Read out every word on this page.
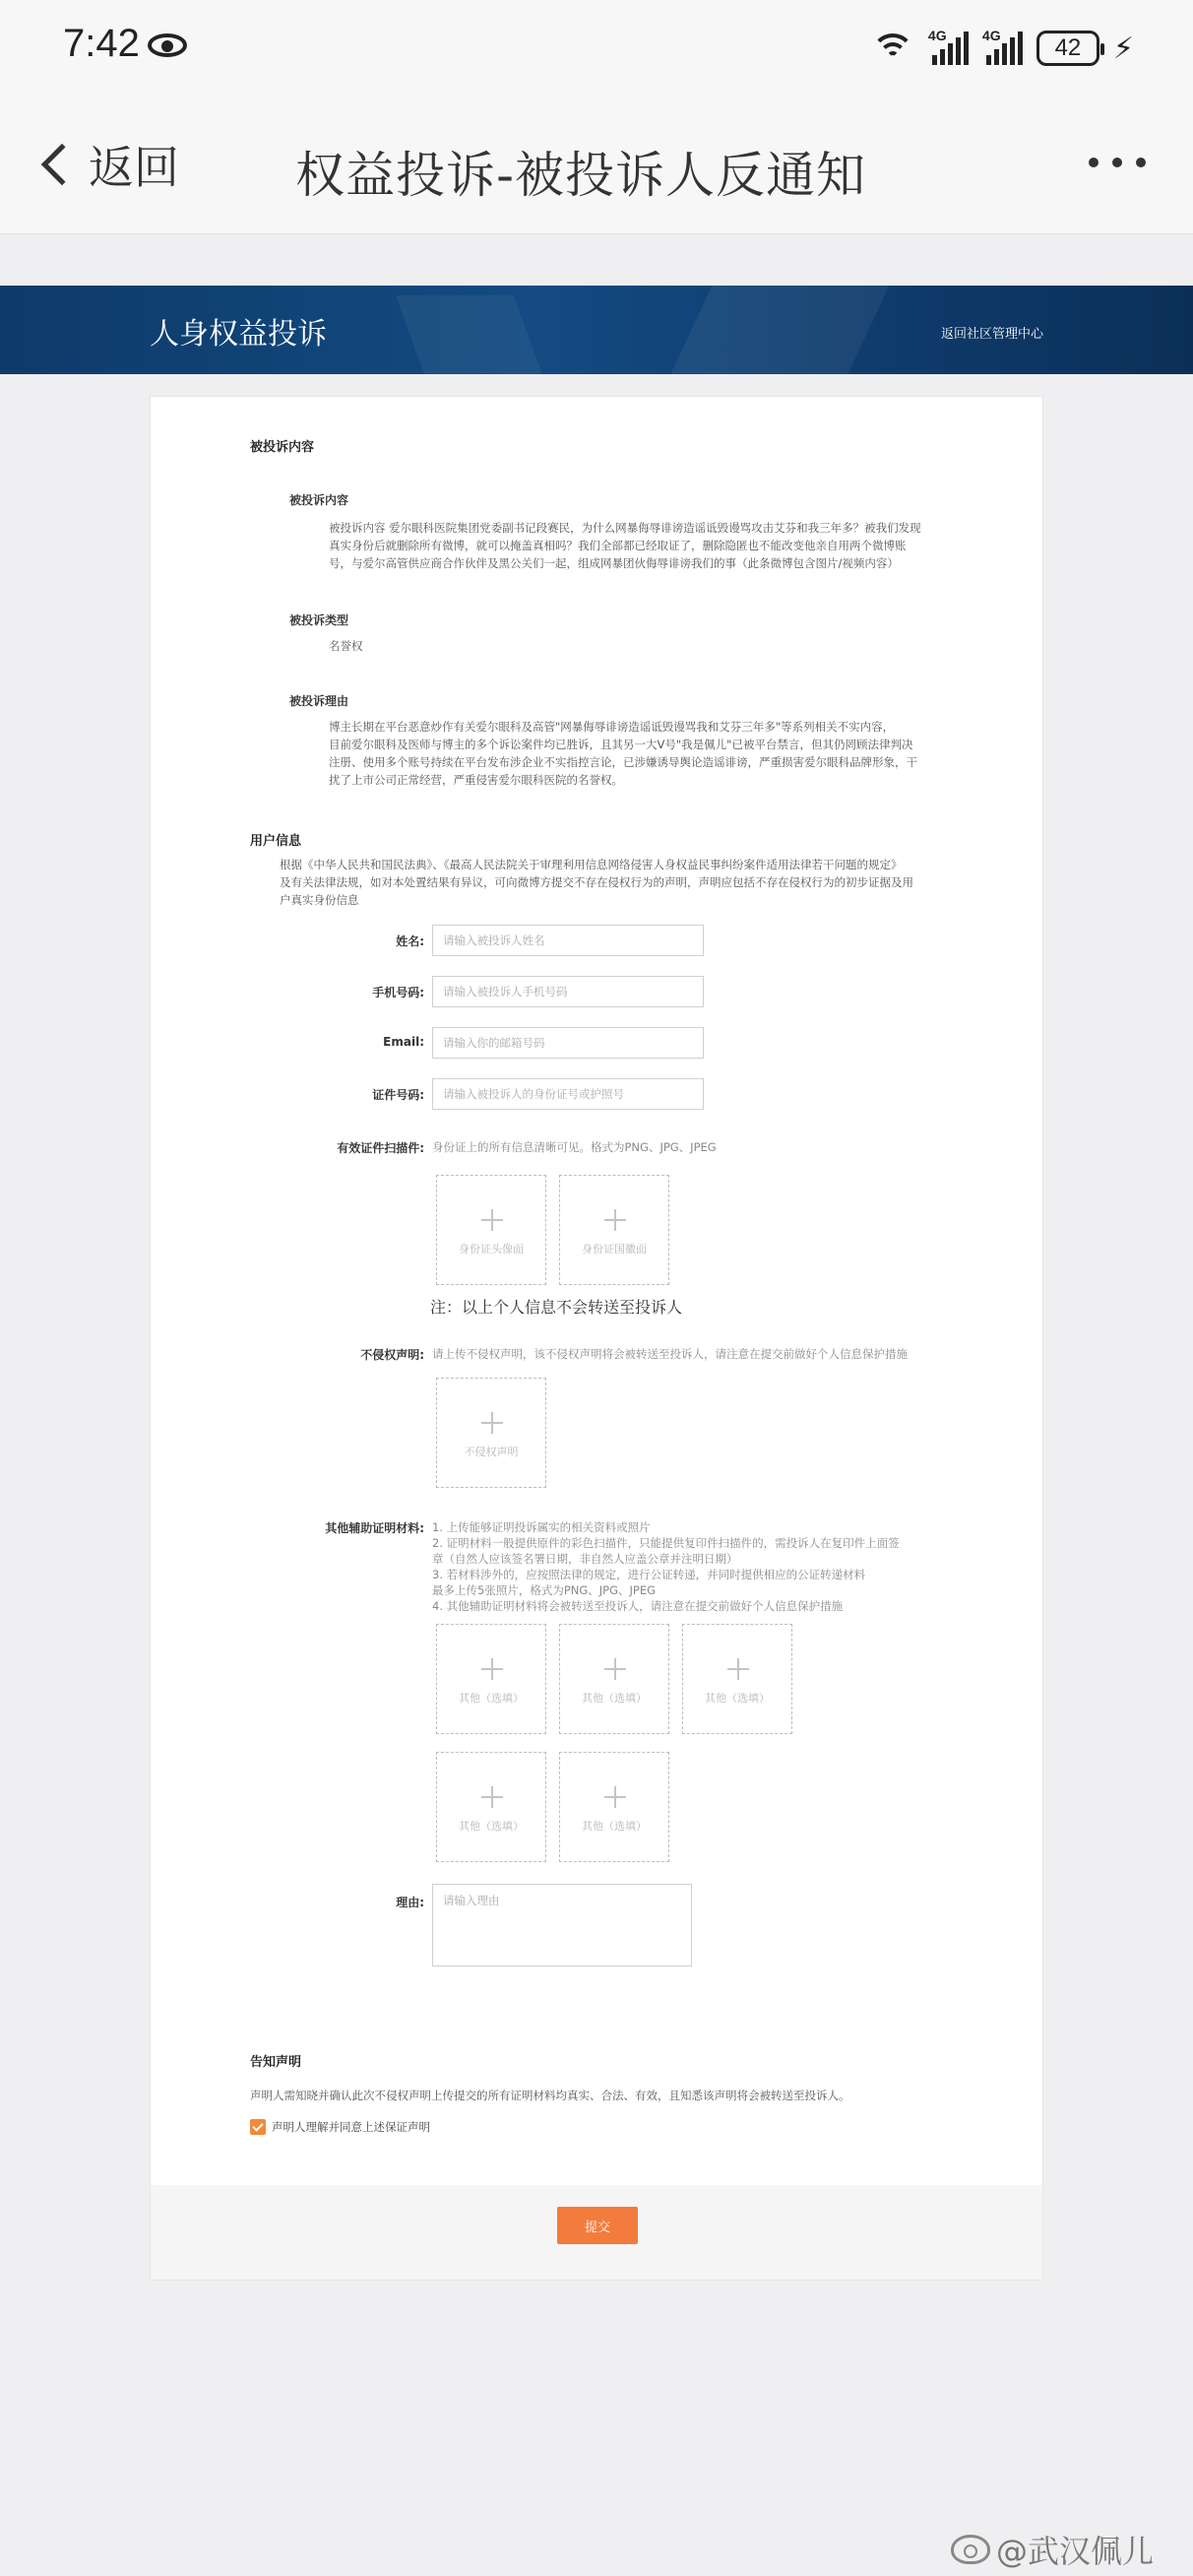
7:42	4G	4G 42 ⚡
返回 权益投诉-被投诉人反通知
人身权益投诉	返回社区管理中心
被投诉内容
被投诉内容
被投诉内容 爱尔眼科医院集团党委副书记段赛民，为什么网暴侮辱诽谤造谣诋毁谩骂攻击艾芬和我三年多？被我们发现
真实身份后就删除所有微博，就可以掩盖真相吗？我们全部都已经取证了，删除隐匿也不能改变他亲自用两个微博账
号，与爱尔高管供应商合作伙伴及黑公关们一起，组成网暴团伙侮辱诽谤我们的事（此条微博包含图片/视频内容）
被投诉类型
名誉权
被投诉理由
博主长期在平台恶意炒作有关爱尔眼科及高管"网暴侮辱诽谤造谣诋毁谩骂我和艾芬三年多"等系列相关不实内容，
目前爱尔眼科及医师与博主的多个诉讼案件均已胜诉，且其另一大V号"我是佩儿"已被平台禁言，但其仍罔顾法律判决
注册、使用多个账号持续在平台发布涉企业不实指控言论，已涉嫌诱导舆论造谣诽谤，严重损害爱尔眼科品牌形象，干
扰了上市公司正常经营，严重侵害爱尔眼科医院的名誉权。
用户信息
根据《中华人民共和国民法典》、《最高人民法院关于审理利用信息网络侵害人身权益民事纠纷案件适用法律若干问题的规定》
及有关法律法规，如对本处置结果有异议，可向微博方提交不存在侵权行为的声明，声明应包括不存在侵权行为的初步证据及用
户真实身份信息
姓名:
请输入被投诉人姓名
手机号码:
请输入被投诉人手机号码
Email:
请输入你的邮箱号码
证件号码:
请输入被投诉人的身份证号或护照号
有效证件扫描件: 身份证上的所有信息清晰可见。格式为PNG、JPG、JPEG
身份证头像面	身份证国徽面
注：以上个人信息不会转送至投诉人
不侵权声明: 请上传不侵权声明，该不侵权声明将会被转送至投诉人，请注意在提交前做好个人信息保护措施
不侵权声明
其他辅助证明材料: 1. 上传能够证明投诉属实的相关资料或照片
2. 证明材料一般提供原件的彩色扫描件，只能提供复印件扫描件的，需投诉人在复印件上面签
章（自然人应该签名署日期，非自然人应盖公章并注明日期）
3. 若材料涉外的，应按照法律的规定，进行公证转递，并同时提供相应的公证转递材料
最多上传5张照片，格式为PNG、JPG、JPEG
4. 其他辅助证明材料将会被转送至投诉人，请注意在提交前做好个人信息保护措施
其他（选填）	其他（选填）	其他（选填）
其他（选填）	其他（选填）
理由:
请输入理由
告知声明
声明人需知晓并确认此次不侵权声明上传提交的所有证明材料均真实、合法、有效，且知悉该声明将会被转送至投诉人。
声明人理解并同意上述保证声明
提交
@武汉佩儿
